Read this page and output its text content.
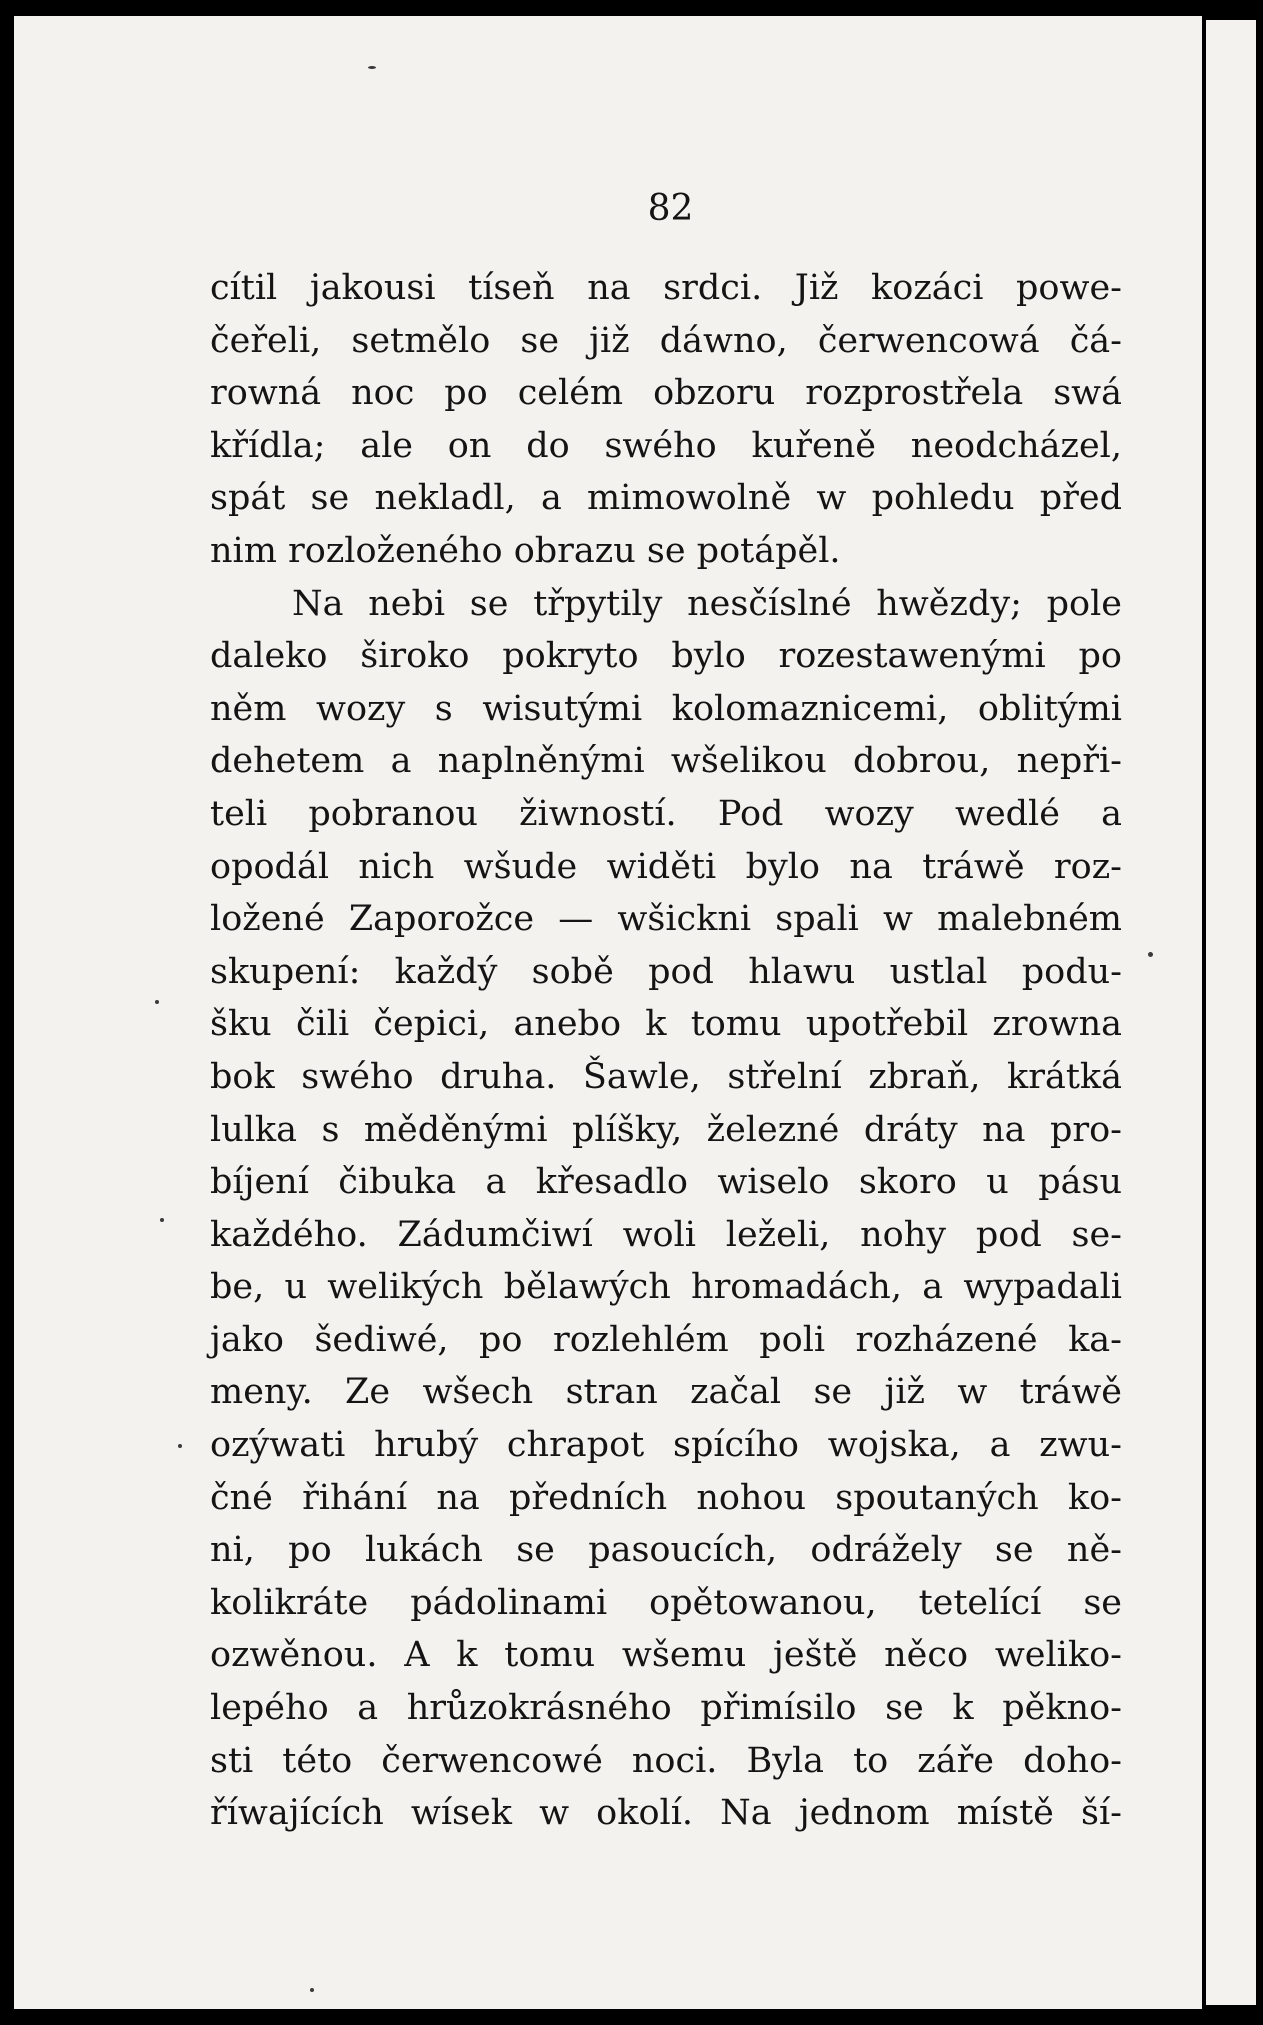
82
cítil jakousi tíseň na srdci. Již kozáci powe-
čeřeli, setmělo se již dáwno, čerwencowá čá-
rowná noc po celém obzoru rozprostřela swá
křídla; ale on do swého kuřeně neodcházel,
spát se nekladl, a mimowolně w pohledu před
nim rozloženého obrazu se potápěl.
Na nebi se třpytily nesčíslné hwězdy; pole
daleko široko pokryto bylo rozestawenými po
něm wozy s wisutými kolomaznicemi, oblitými
dehetem a naplněnými wšelikou dobrou, nepři-
teli pobranou žiwností. Pod wozy wedlé a
opodál nich wšude widěti bylo na tráwě roz-
ložené Zaporožce — wšickni spali w malebném
skupení: každý sobě pod hlawu ustlal podu-
šku čili čepici, anebo k tomu upotřebil zrowna
bok swého druha. Šawle, střelní zbraň, krátká
lulka s měděnými plíšky, železné dráty na pro-
bíjení čibuka a křesadlo wiselo skoro u pásu
každého. Zádumčiwí woli leželi, nohy pod se-
be, u welikých bělawých hromadách, a wypadali
jako šediwé, po rozlehlém poli rozházené ka-
meny. Ze wšech stran začal se již w tráwě
ozýwati hrubý chrapot spícího wojska, a zwu-
čné řihání na předních nohou spoutaných ko-
ni, po lukách se pasoucích, odrážely se ně-
kolikráte pádolinami opětowanou, tetelící se
ozwěnou. A k tomu wšemu ještě něco weliko-
lepého a hrůzokrásného přimísilo se k pěkno-
sti této čerwencowé noci. Byla to záře doho-
říwajících wísek w okolí. Na jednom místě ší-
